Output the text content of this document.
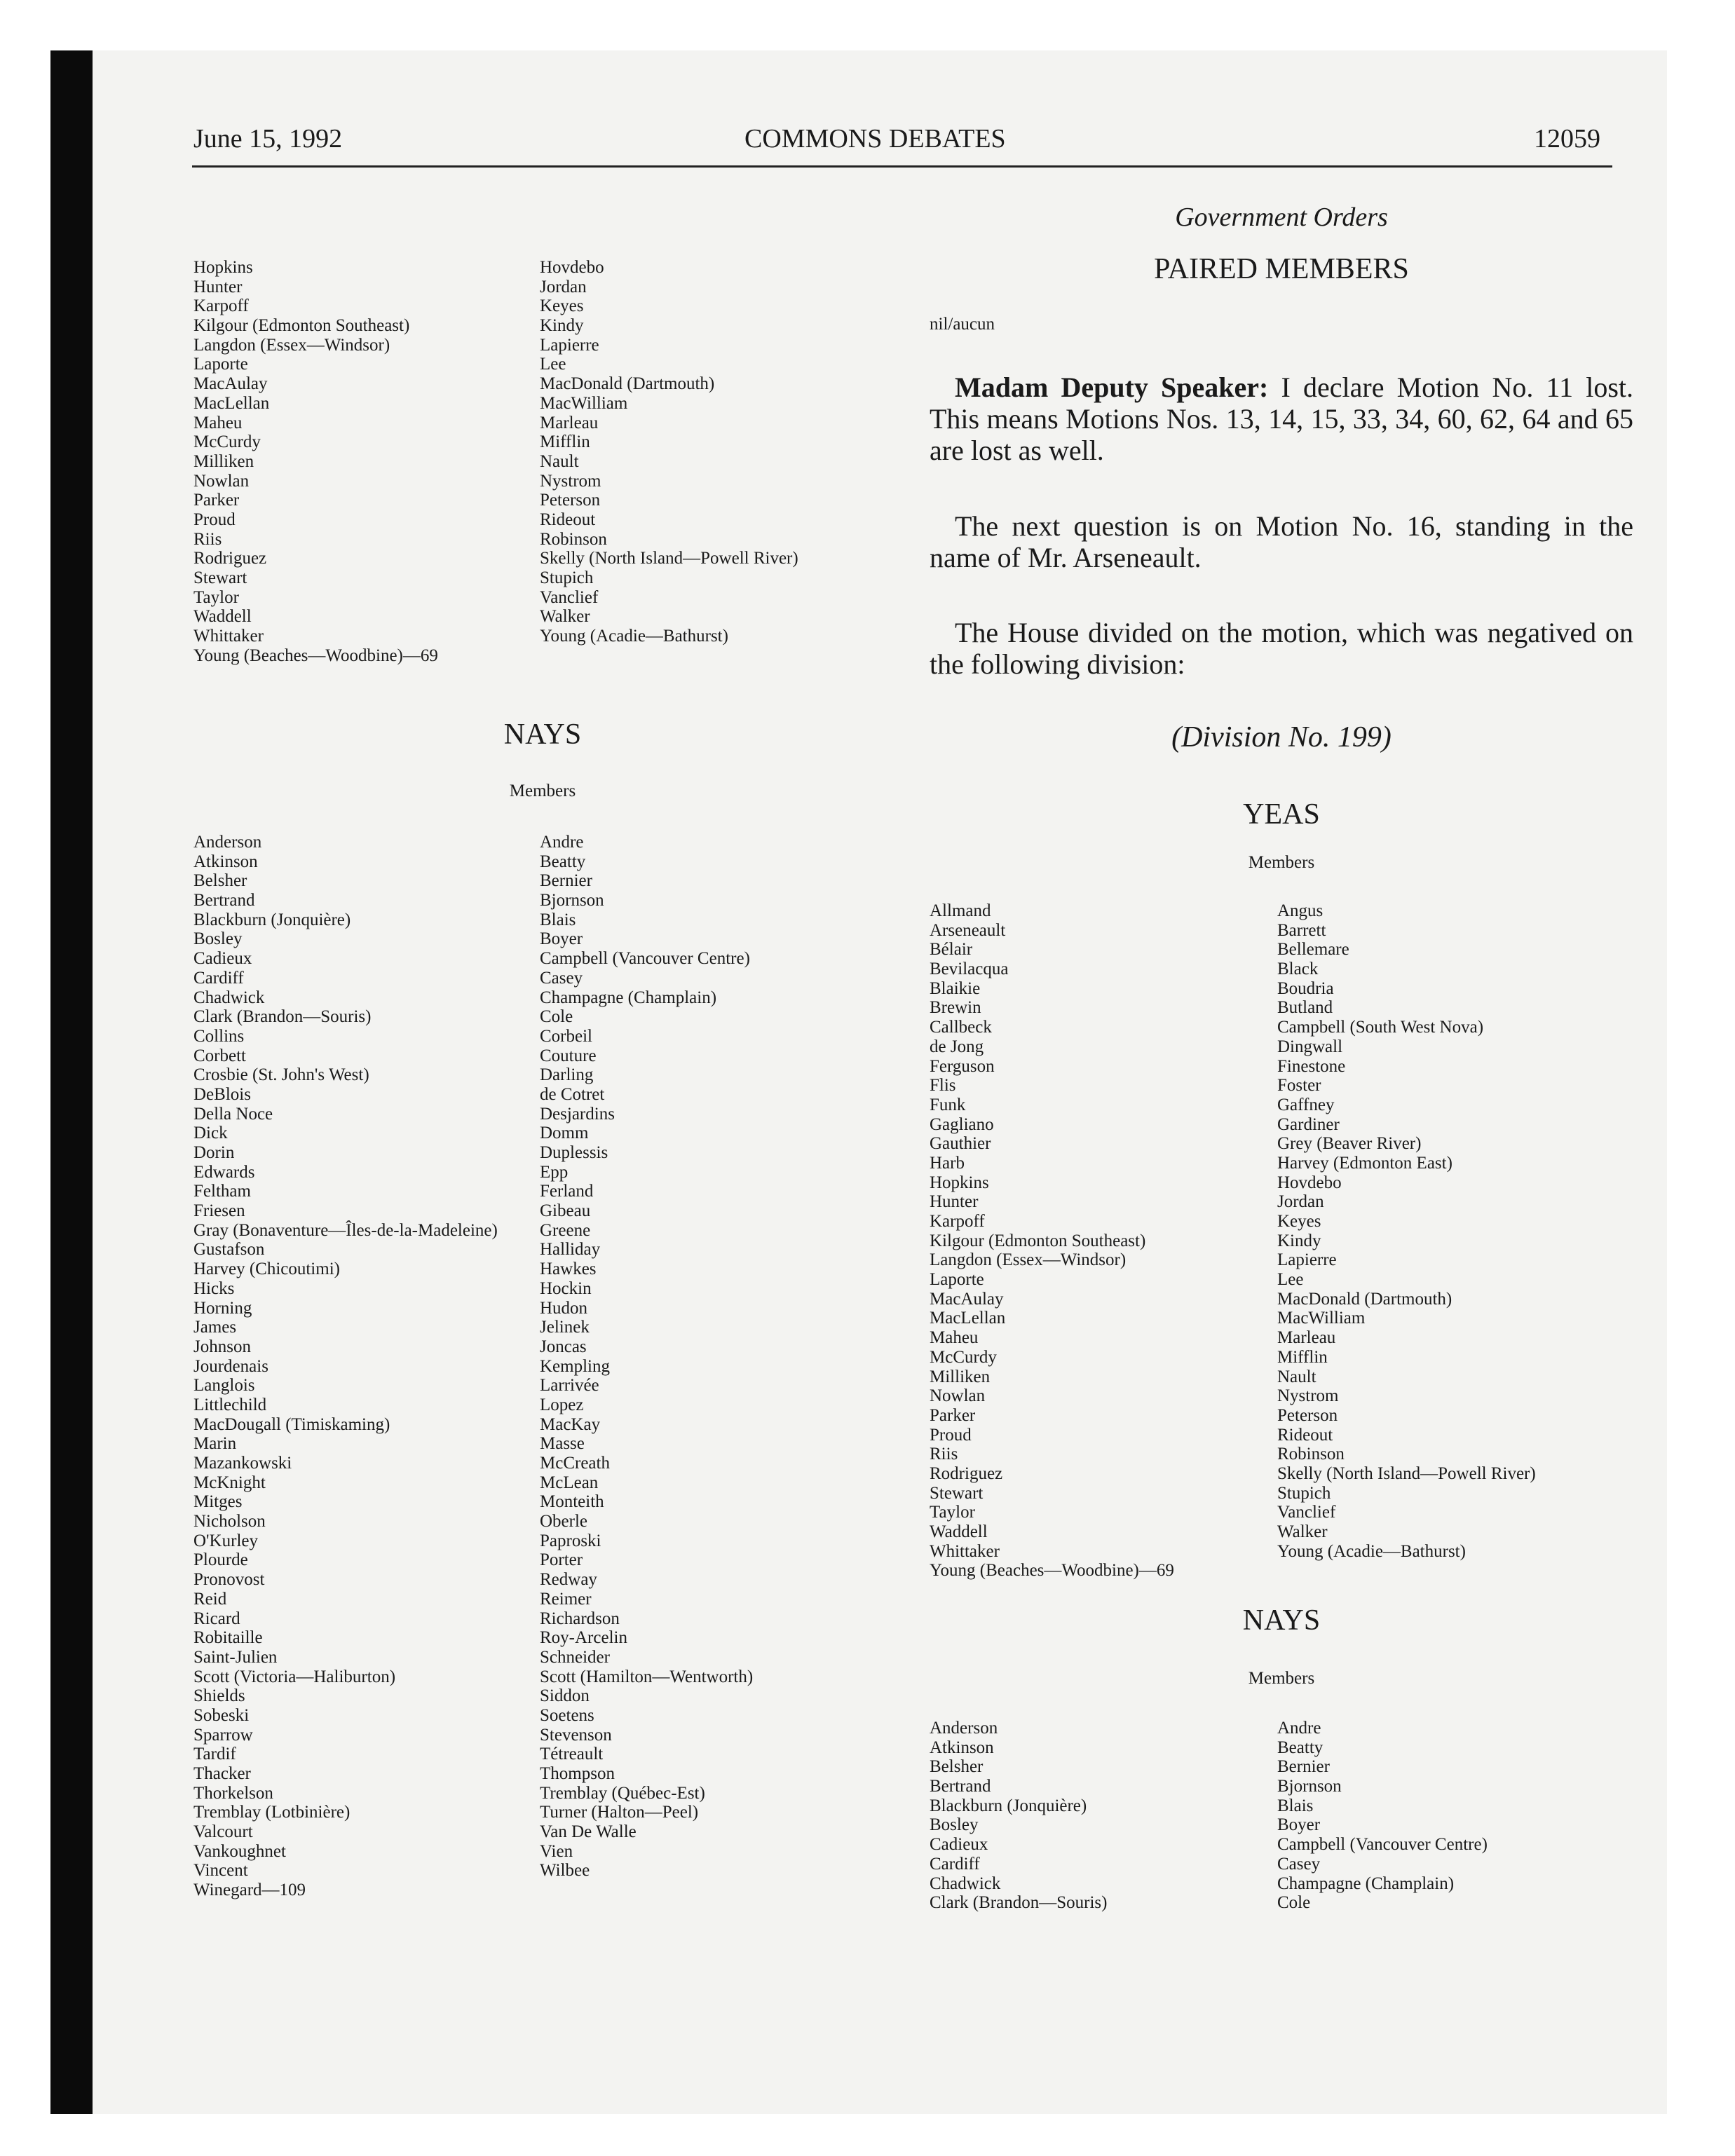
June 15, 1992	COMMONS DEBATES	12059
Hopkins
Hunter
Karpoff
Kilgour (Edmonton Southeast)
Langdon (Essex—Windsor)
Laporte
MacAulay
MacLellan
Maheu
McCurdy
Milliken
Nowlan
Parker
Proud
Riis
Rodriguez
Stewart
Taylor
Waddell
Whittaker
Young (Beaches—Woodbine)—69
Hovdebo
Jordan
Keyes
Kindy
Lapierre
Lee
MacDonald (Dartmouth)
MacWilliam
Marleau
Mifflin
Nault
Nystrom
Peterson
Rideout
Robinson
Skelly (North Island—Powell River)
Stupich
Vanclief
Walker
Young (Acadie—Bathurst)
NAYS
Members
Anderson
Atkinson
Belsher
Bertrand
Blackburn (Jonquière)
Bosley
Cadieux
Cardiff
Chadwick
Clark (Brandon—Souris)
Collins
Corbett
Crosbie (St. John's West)
DeBlois
Della Noce
Dick
Dorin
Edwards
Feltham
Friesen
Gray (Bonaventure—Îles-de-la-Madeleine)
Gustafson
Harvey (Chicoutimi)
Hicks
Horning
James
Johnson
Jourdenais
Langlois
Littlechild
MacDougall (Timiskaming)
Marin
Mazankowski
McKnight
Mitges
Nicholson
O'Kurley
Plourde
Pronovost
Reid
Ricard
Robitaille
Saint-Julien
Scott (Victoria—Haliburton)
Shields
Sobeski
Sparrow
Tardif
Thacker
Thorkelson
Tremblay (Lotbinière)
Valcourt
Vankoughnet
Vincent
Winegard—109
Andre
Beatty
Bernier
Bjornson
Blais
Boyer
Campbell (Vancouver Centre)
Casey
Champagne (Champlain)
Cole
Corbeil
Couture
Darling
de Cotret
Desjardins
Domm
Duplessis
Epp
Ferland
Gibeau
Greene
Halliday
Hawkes
Hockin
Hudon
Jelinek
Joncas
Kempling
Larrivée
Lopez
MacKay
Masse
McCreath
McLean
Monteith
Oberle
Paproski
Porter
Redway
Reimer
Richardson
Roy-Arcelin
Schneider
Scott (Hamilton—Wentworth)
Siddon
Soetens
Stevenson
Tétreault
Thompson
Tremblay (Québec-Est)
Turner (Halton—Peel)
Van De Walle
Vien
Wilbee
Government Orders
PAIRED MEMBERS
nil/aucun

Madam Deputy Speaker: I declare Motion No. 11 lost. This means Motions Nos. 13, 14, 15, 33, 34, 60, 62, 64 and 65 are lost as well.

The next question is on Motion No. 16, standing in the name of Mr. Arseneault.

The House divided on the motion, which was negatived on the following division:

(Division No. 199)
YEAS
Members
Allmand
Arseneault
Bélair
Bevilacqua
Blaikie
Brewin
Callbeck
de Jong
Ferguson
Flis
Funk
Gagliano
Gauthier
Harb
Hopkins
Hunter
Karpoff
Kilgour (Edmonton Southeast)
Langdon (Essex—Windsor)
Laporte
MacAulay
MacLellan
Maheu
McCurdy
Milliken
Nowlan
Parker
Proud
Riis
Rodriguez
Stewart
Taylor
Waddell
Whittaker
Young (Beaches—Woodbine)—69
Angus
Barrett
Bellemare
Black
Boudria
Butland
Campbell (South West Nova)
Dingwall
Finestone
Foster
Gaffney
Gardiner
Grey (Beaver River)
Harvey (Edmonton East)
Hovdebo
Jordan
Keyes
Kindy
Lapierre
Lee
MacDonald (Dartmouth)
MacWilliam
Marleau
Mifflin
Nault
Nystrom
Peterson
Rideout
Robinson
Skelly (North Island—Powell River)
Stupich
Vanclief
Walker
Young (Acadie—Bathurst)
NAYS
Members
Anderson
Atkinson
Belsher
Bertrand
Blackburn (Jonquière)
Bosley
Cadieux
Cardiff
Chadwick
Clark (Brandon—Souris)
Andre
Beatty
Bernier
Bjornson
Blais
Boyer
Campbell (Vancouver Centre)
Casey
Champagne (Champlain)
Cole
